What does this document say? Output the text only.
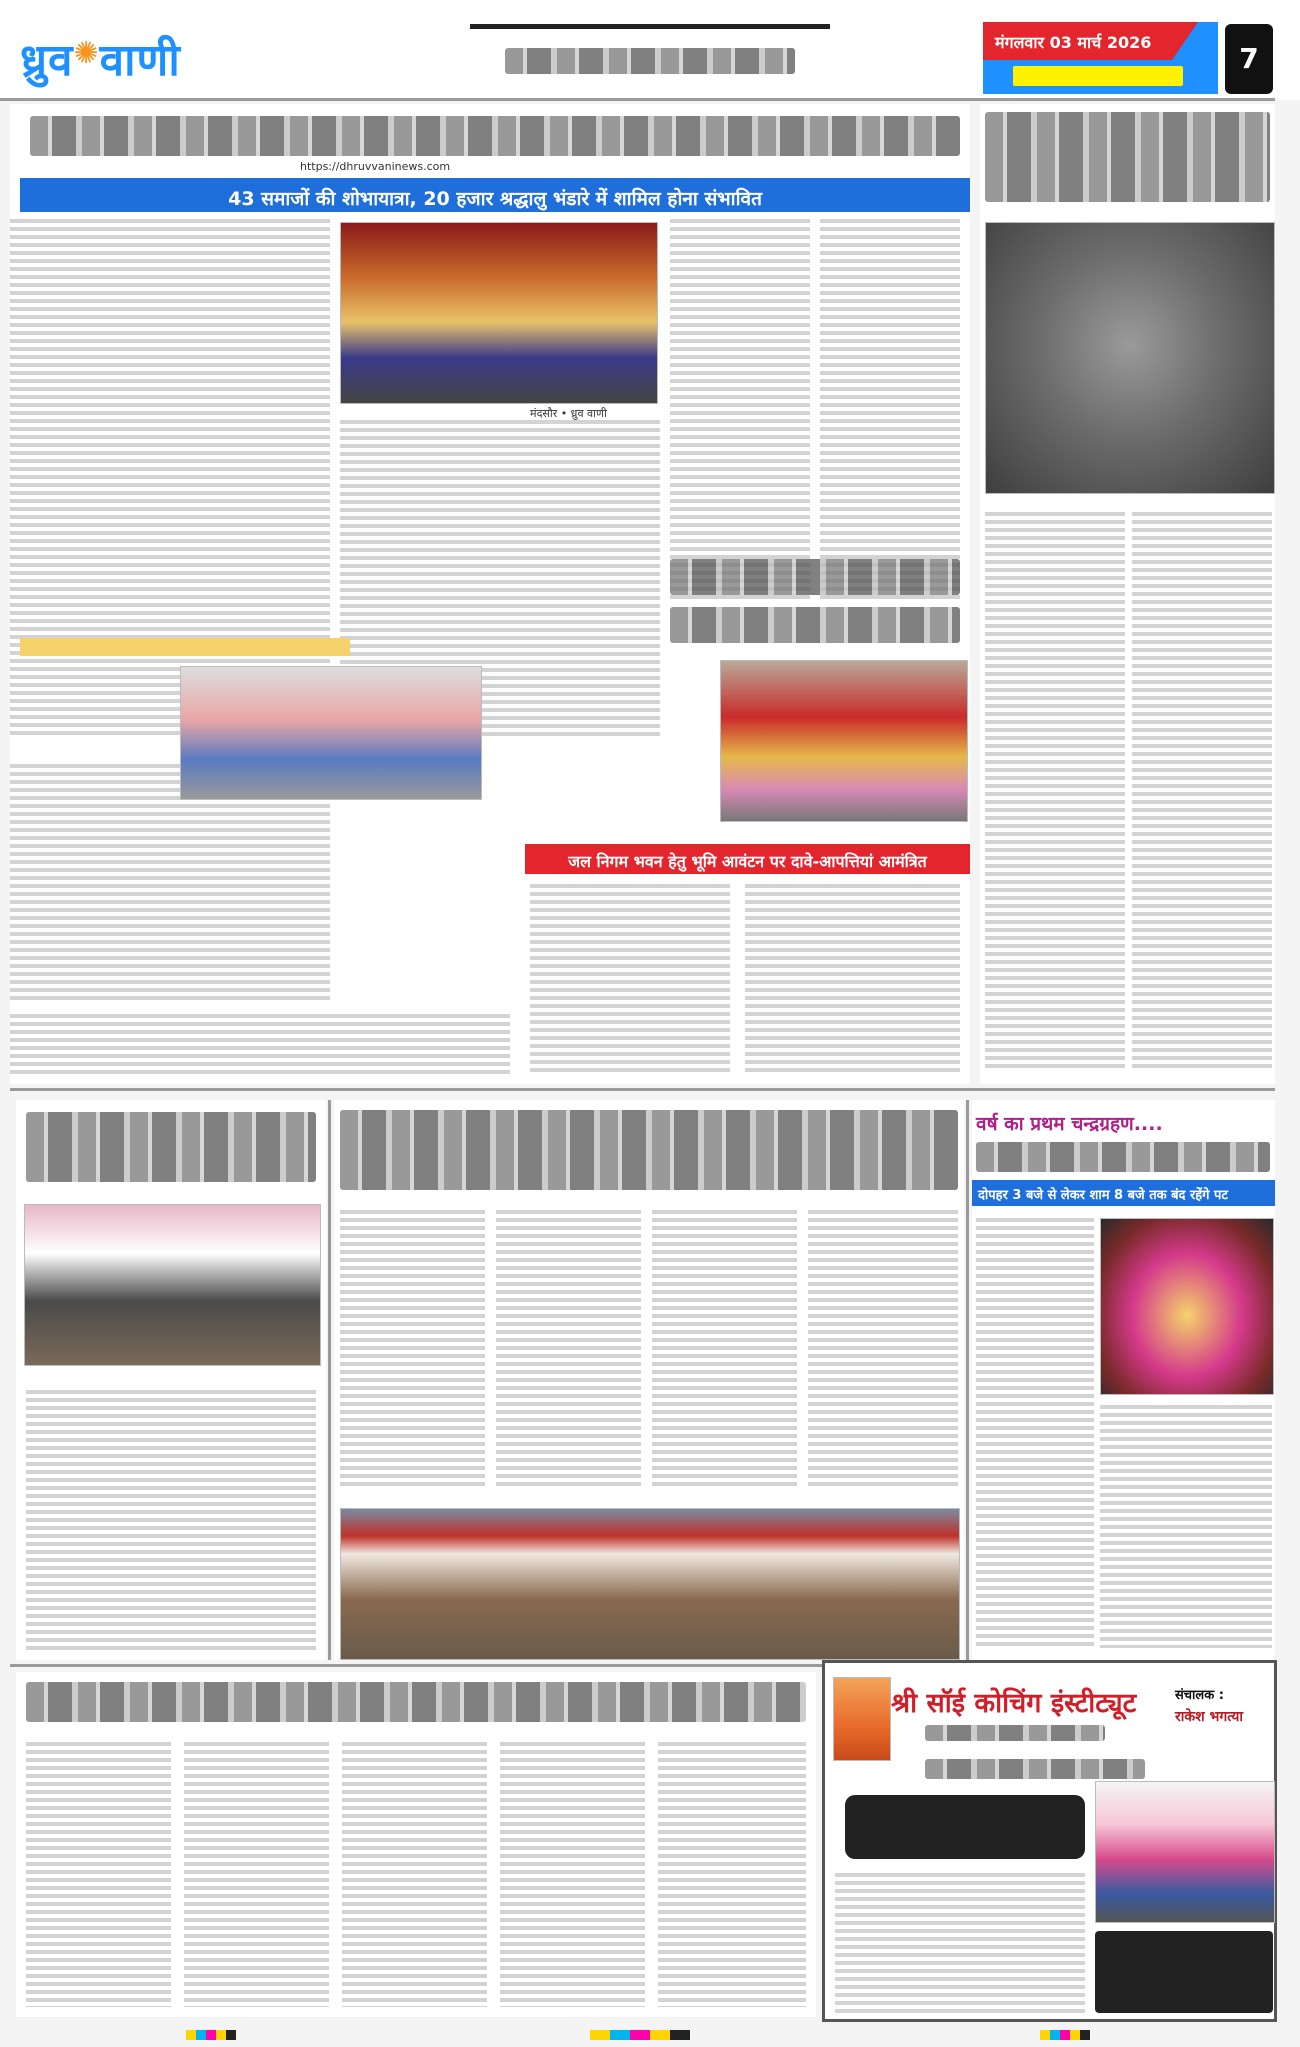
ध्रुव✺वाणी	मंगलवार 03 मार्च 2026	7
https://dhruvvaninews.com
43 समाजों की शोभायात्रा, 20 हजार श्रद्धालु भंडारे में शामिल होना संभावित
मंदसौर • ध्रुव वाणी
जल निगम भवन हेतु भूमि आवंटन पर दावे-आपत्तियां आमंत्रित
वर्ष का प्रथम चन्द्रग्रहण....
दोपहर 3 बजे से लेकर शाम 8 बजे तक बंद रहेंगे पट
श्री सॉई कोचिंग इंस्टीट्यूट	संचालक :
राकेश भगत्या
